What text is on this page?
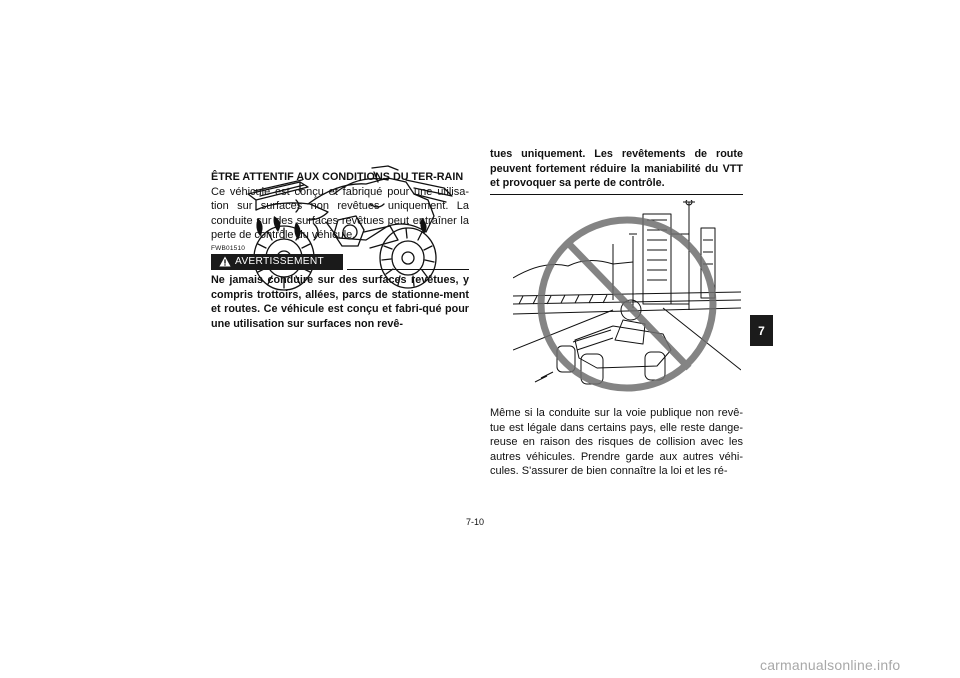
ÊTRE ATTENTIF AUX CONDITIONS DU TER-RAIN
Ce véhicule est conçu et fabriqué pour une utilisa-tion sur surfaces non revêtues uniquement. La conduite sur des surfaces revêtues peut entraîner la perte de contrôle du véhicule.
FWB01510
AVERTISSEMENT
Ne jamais conduire sur des surfaces revêtues, y compris trottoirs, allées, parcs de stationne-ment et routes. Ce véhicule est conçu et fabri-qué pour une utilisation sur surfaces non revê-
tues uniquement. Les revêtements de route peuvent fortement réduire la maniabilité du VTT et provoquer sa perte de contrôle.
Même si la conduite sur la voie publique non revê-tue est légale dans certains pays, elle reste dange-reuse en raison des risques de collision avec les autres véhicules. Prendre garde aux autres véhi-cules. S'assurer de bien connaître la loi et les ré-
7-10
7
carmanualsonline.info
